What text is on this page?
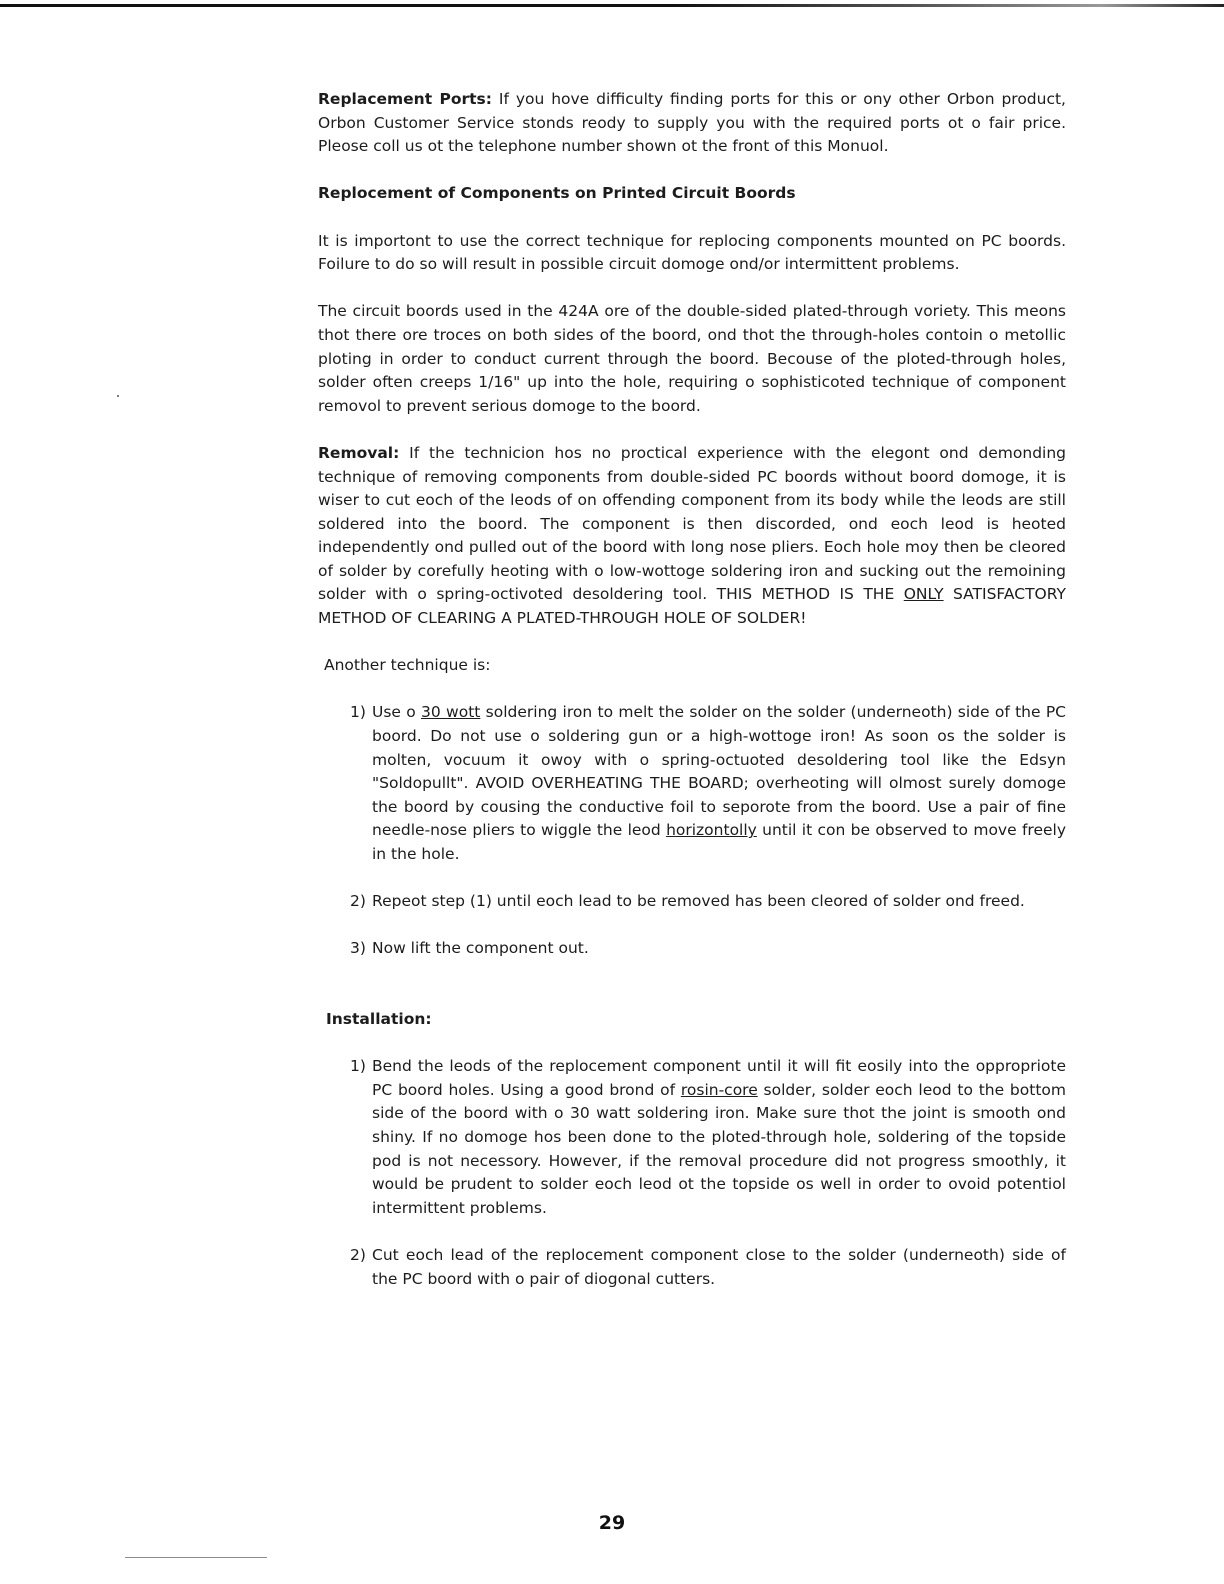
Replacement Ports: If you hove difficulty finding ports for this or ony other Orbon product, Orbon Customer Service stonds reody to supply you with the required ports ot o fair price. Pleose coll us ot the telephone number shown ot the front of this Monuol.

Replocement of Components on Printed Circuit Boords

It is importont to use the correct technique for replocing components mounted on PC boords. Foilure to do so will result in possible circuit domoge ond/or intermittent problems.

The circuit boords used in the 424A ore of the double-sided plated-through voriety. This meons thot there ore troces on both sides of the boord, ond thot the through-holes contoin o metollic ploting in order to conduct current through the boord. Becouse of the ploted-through holes, solder often creeps 1/16" up into the hole, requiring o sophisticoted technique of component removol to prevent serious domoge to the boord.

Removal: If the technicion hos no proctical experience with the elegont ond demonding technique of removing components from double-sided PC boords without boord domoge, it is wiser to cut eoch of the leods of on offending component from its body while the leods are still soldered into the boord. The component is then discorded, ond eoch leod is heoted independently ond pulled out of the boord with long nose pliers. Eoch hole moy then be cleored of solder by corefully heoting with o low-wottoge soldering iron and sucking out the remoining solder with o spring-octivoted desoldering tool. THIS METHOD IS THE ONLY SATISFACTORY METHOD OF CLEARING A PLATED-THROUGH HOLE OF SOLDER!

Another technique is:

1) Use o 30 wott soldering iron to melt the solder on the solder (underneoth) side of the PC boord. Do not use o soldering gun or a high-wottoge iron! As soon os the solder is molten, vocuum it owoy with o spring-octuoted desoldering tool like the Edsyn "Soldopullt". AVOID OVERHEATING THE BOARD; overheoting will olmost surely domoge the boord by cousing the conductive foil to seporote from the boord. Use a pair of fine needle-nose pliers to wiggle the leod horizontolly until it con be observed to move freely in the hole.

2) Repeot step (1) until eoch lead to be removed has been cleored of solder ond freed.

3) Now lift the component out.

Installation:

1) Bend the leods of the replocement component until it will fit eosily into the oppropriote PC boord holes. Using a good brond of rosin-core solder, solder eoch leod to the bottom side of the boord with o 30 watt soldering iron. Make sure thot the joint is smooth ond shiny. If no domoge hos been done to the ploted-through hole, soldering of the topside pod is not necessory. However, if the removal procedure did not progress smoothly, it would be prudent to solder eoch leod ot the topside os well in order to ovoid potentiol intermittent problems.

2) Cut eoch lead of the replocement component close to the solder (underneoth) side of the PC boord with o pair of diogonal cutters.

29
